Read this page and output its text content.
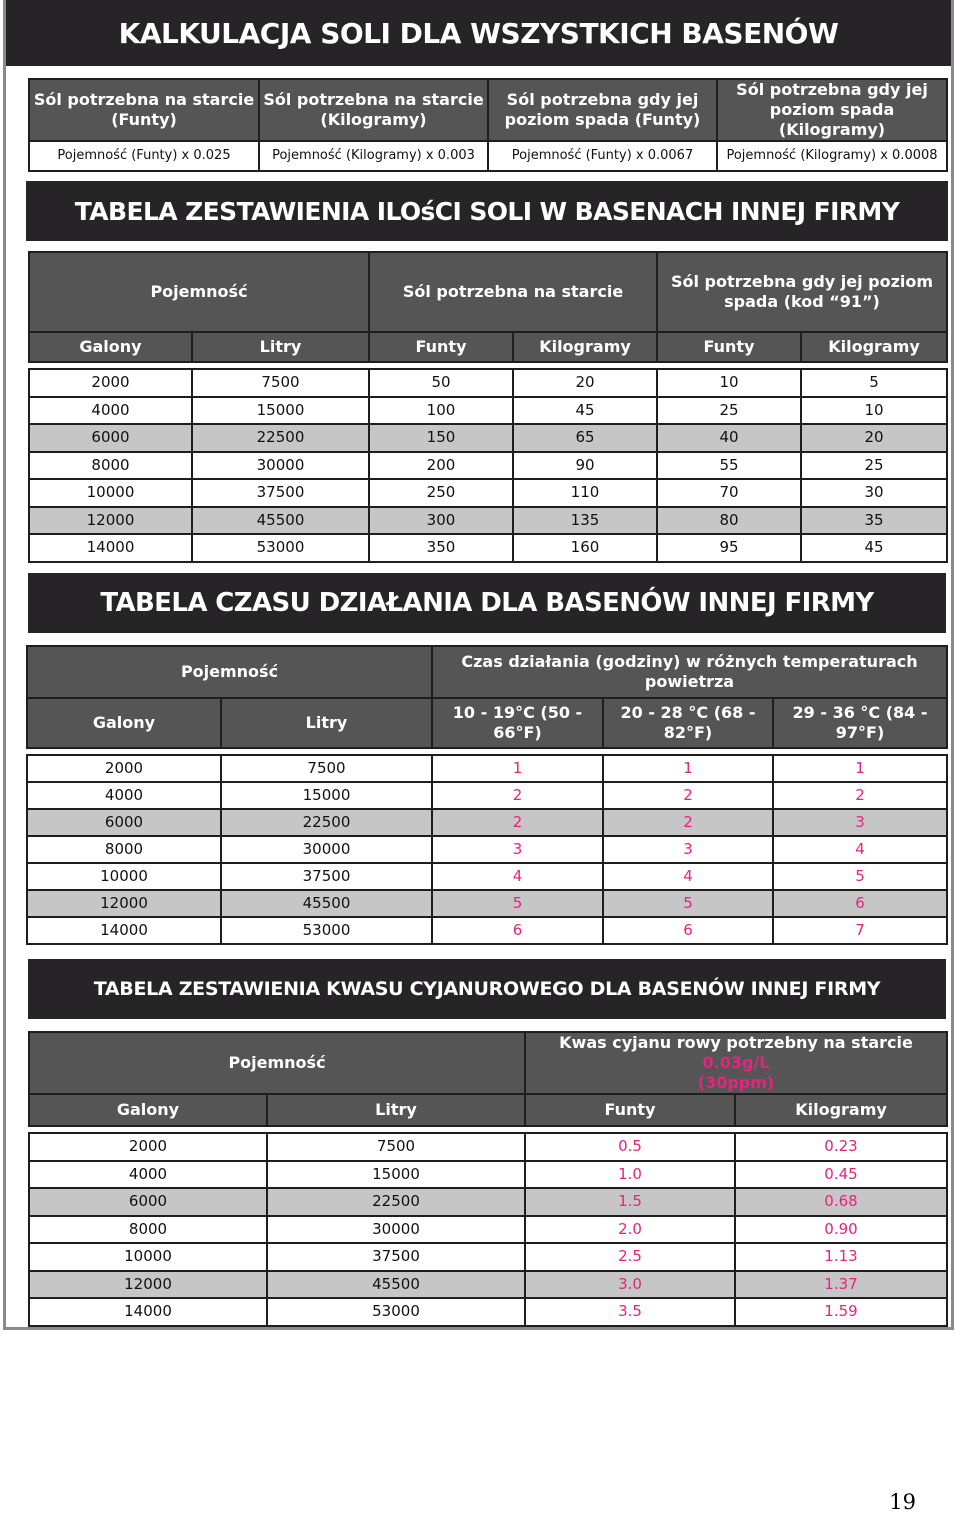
KALKULACJA SOLI DLA WSZYSTKICH BASENÓW
Sól potrzebna na starcie (Funty)	Sól potrzebna na starcie (Kilogramy)	Sól potrzebna gdy jej poziom spada (Funty)	Sól potrzebna gdy jej poziom spada (Kilogramy)
Pojemność (Funty) x 0.025	Pojemność (Kilogramy) x 0.003	Pojemność (Funty) x 0.0067	Pojemność (Kilogramy) x 0.0008
TABELA ZESTAWIENIA ILOśCI SOLI W BASENACH INNEJ FIRMY
Pojemność		Sól potrzebna na starcie		Sól potrzebna gdy jej poziom spada (kod “91”)	
Galony	Litry	Funty	Kilogramy	Funty	Kilogramy

2000	7500	50	20	10	5
4000	15000	100	45	25	10
6000	22500	150	65	40	20
8000	30000	200	90	55	25
10000	37500	250	110	70	30
12000	45500	300	135	80	35
14000	53000	350	160	95	45
TABELA CZASU DZIAŁANIA DLA BASENÓW INNEJ FIRMY
Pojemność		Czas działania (godziny) w różnych temperaturach powietrza		
Galony	Litry	10 - 19°C (50 - 66°F)	20 - 28 °C (68 - 82°F)	29 - 36 °C (84 - 97°F)

2000	7500	1	1	1
4000	15000	2	2	2
6000	22500	2	2	3
8000	30000	3	3	4
10000	37500	4	4	5
12000	45500	5	5	6
14000	53000	6	6	7
TABELA ZESTAWIENIA KWASU CYJANUROWEGO DLA BASENÓW INNEJ FIRMY
Pojemność		Kwas cyjanu rowy potrzebny na starcie 0.03g/L
(30ppm)	
Galony	Litry	Funty	Kilogramy

2000	7500	0.5	0.23
4000	15000	1.0	0.45
6000	22500	1.5	0.68
8000	30000	2.0	0.90
10000	37500	2.5	1.13
12000	45500	3.0	1.37
14000	53000	3.5	1.59
19
